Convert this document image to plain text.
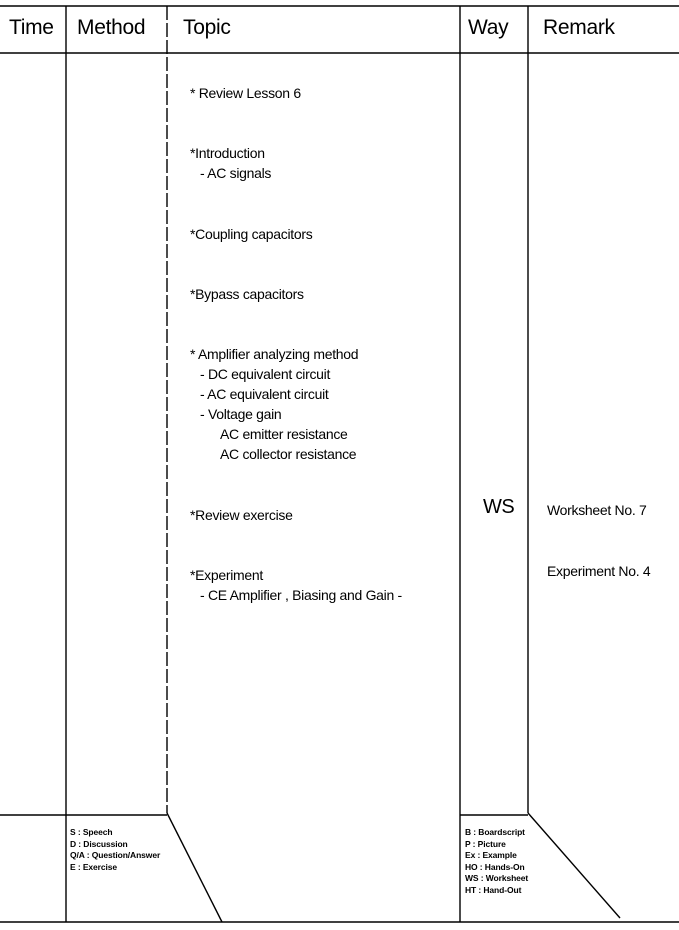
Time Method Topic	Way Remark
* Review Lesson 6
*Introduction
- AC signals
*Coupling capacitors
*Bypass capacitors
* Amplifier analyzing method
- DC equivalent circuit
- AC equivalent circuit
- Voltage gain
AC emitter resistance
AC collector resistance
*Review exercise
*Experiment
- CE Amplifier , Biasing and Gain -
WS Worksheet No. 7
Experiment No. 4
S : Speech
D : Discussion
Q/A : Question/Answer
E : Exercise
B : Boardscript
P : Picture
Ex : Example
HO : Hands-On
WS : Worksheet
HT : Hand-Out
